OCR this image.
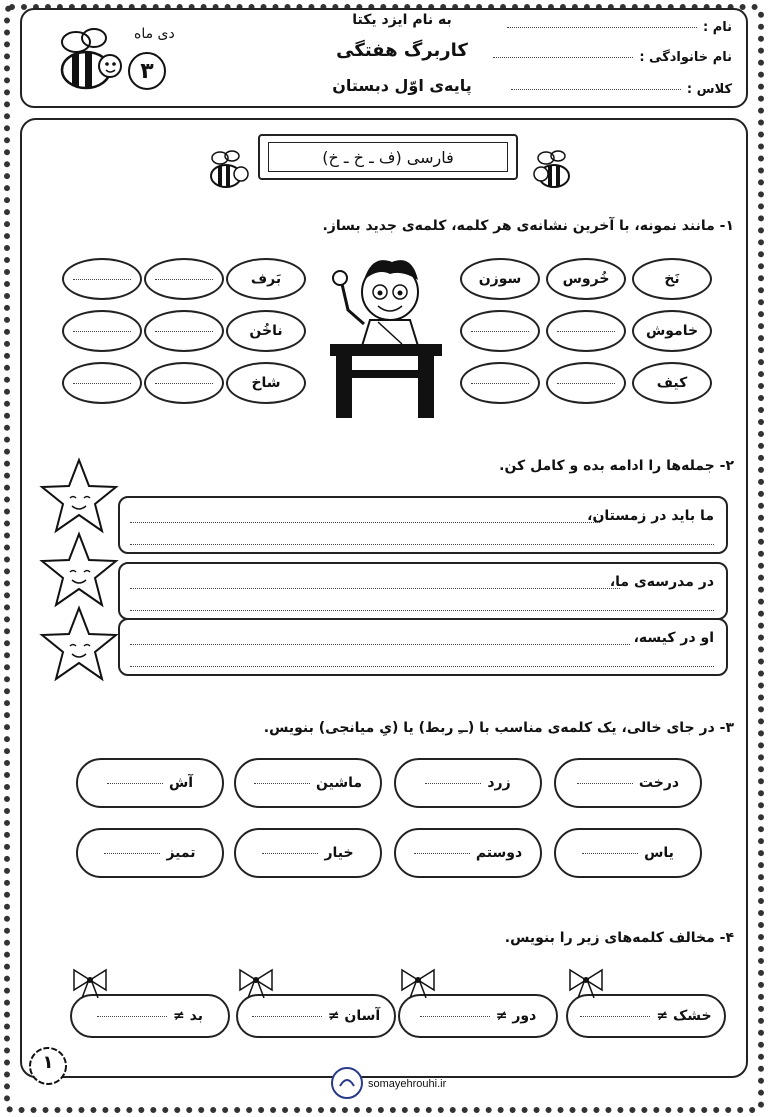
نام :
نام خانوادگی :
کلاس :
به نام ایزد یکتا
کاربرگ هفتگی
پایه‌ی اوّل دبستان
دی ماه
۳
فارسی (ف ـ خ ـ خ)
۱- مانند نمونه، با آخرین نشانه‌ی هر کلمه، کلمه‌ی جدید بساز.
نَخ
خُروس
سوزن
خاموش
کیف
بَرف
ناخُن
شاخ
۲- جمله‌ها را ادامه بده و کامل کن.
ما باید در زمستان،
در مدرسه‌ی ما،
او در کیسه،
۳- در جای خالی، یک کلمه‌ی مناسب با (ــِ ربط) یا (یِ میانجی) بنویس.
درخت
زرد
ماشین
آش
یاس
دوستم
خیار
تمیز
۴- مخالف کلمه‌های زیر را بنویس.
خشک ≠
دور ≠
آسان ≠
بد ≠
۱
somayehrouhi.ir
